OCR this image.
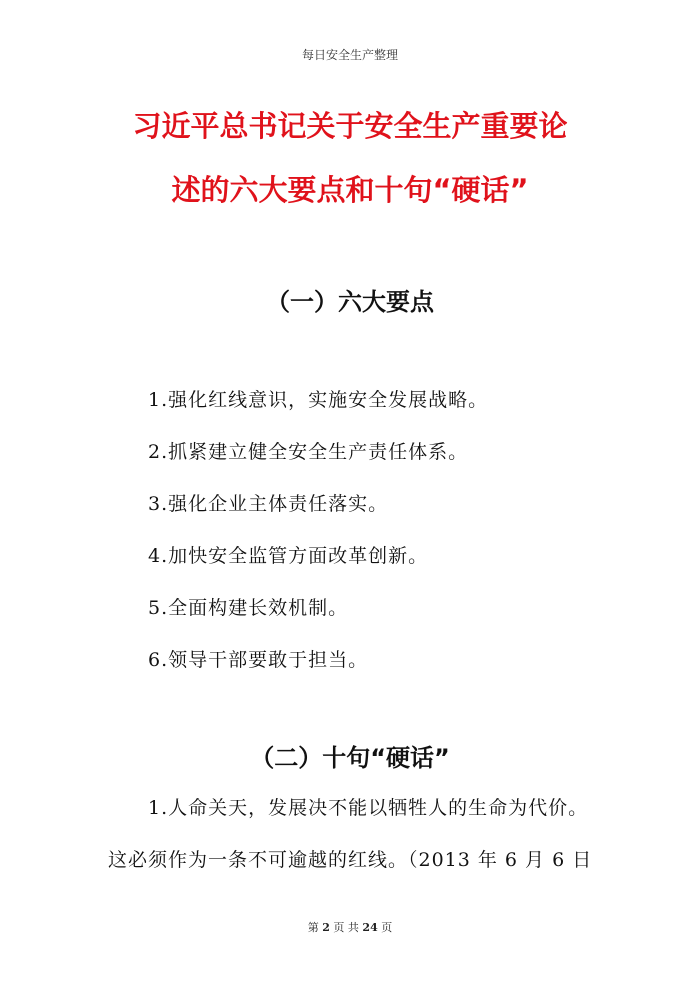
每日安全生产整理
习近平总书记关于安全生产重要论
述的六大要点和十句“硬话”
（一）六大要点
1.强化红线意识，实施安全发展战略。
2.抓紧建立健全安全生产责任体系。
3.强化企业主体责任落实。
4.加快安全监管方面改革创新。
5.全面构建长效机制。
6.领导干部要敢于担当。
（二）十句“硬话”
1.人命关天，发展决不能以牺牲人的生命为代价。
这必须作为一条不可逾越的红线。（2013 年 6 月 6 日
第 2 页 共 24 页
